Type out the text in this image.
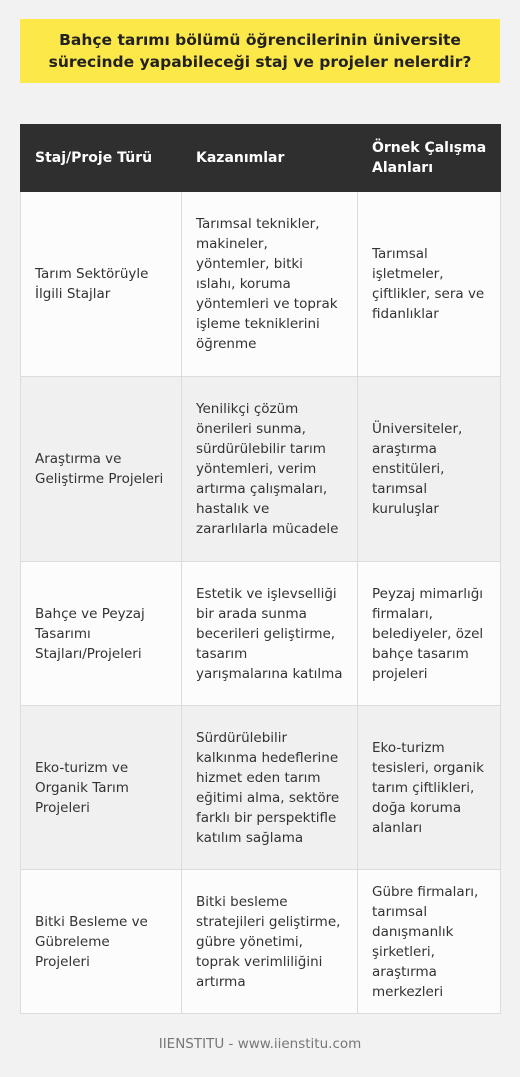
Bahçe tarımı bölümü öğrencilerinin üniversite sürecinde yapabileceği staj ve projeler nelerdir?
Staj/Proje Türü	Kazanımlar	Örnek Çalışma Alanları
Tarım Sektörüyle İlgili Stajlar	Tarımsal teknikler, makineler, yöntemler, bitki ıslahı, koruma yöntemleri ve toprak işleme tekniklerini öğrenme	Tarımsal işletmeler, çiftlikler, sera ve fidanlıklar
Araştırma ve Geliştirme Projeleri	Yenilikçi çözüm önerileri sunma, sürdürülebilir tarım yöntemleri, verim artırma çalışmaları, hastalık ve zararlılarla mücadele	Üniversiteler, araştırma enstitüleri, tarımsal kuruluşlar
Bahçe ve Peyzaj Tasarımı Stajları/Projeleri	Estetik ve işlevselliği bir arada sunma becerileri geliştirme, tasarım yarışmalarına katılma	Peyzaj mimarlığı firmaları, belediyeler, özel bahçe tasarım projeleri
Eko-turizm ve Organik Tarım Projeleri	Sürdürülebilir kalkınma hedeflerine hizmet eden tarım eğitimi alma, sektöre farklı bir perspektifle katılım sağlama	Eko-turizm tesisleri, organik tarım çiftlikleri, doğa koruma alanları
Bitki Besleme ve Gübreleme Projeleri	Bitki besleme stratejileri geliştirme, gübre yönetimi, toprak verimliliğini artırma	Gübre firmaları, tarımsal danışmanlık şirketleri, araştırma merkezleri
IIENSTITU - www.iienstitu.com
